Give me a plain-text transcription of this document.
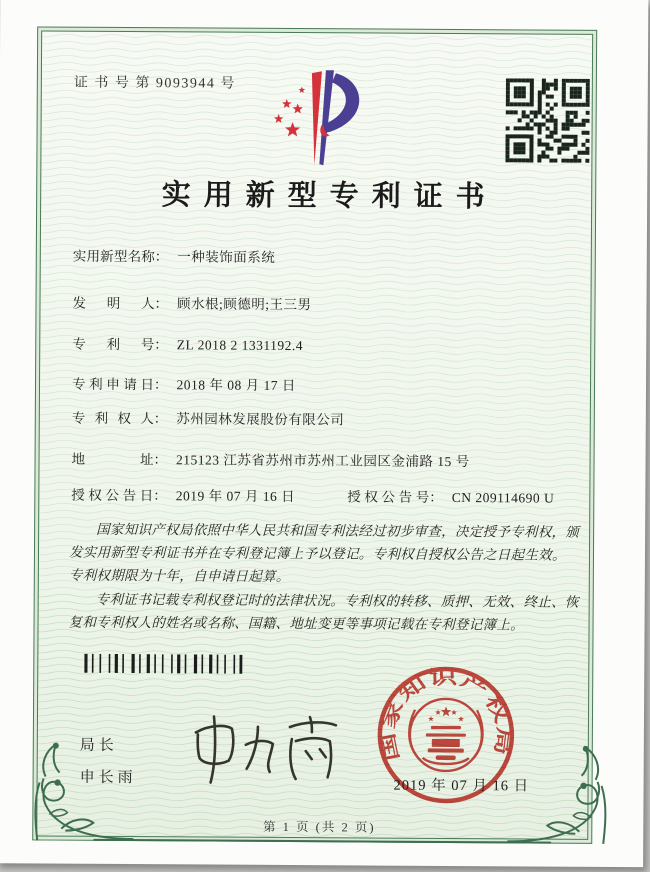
证 书 号 第 9093944 号
实用新型专利证书
实用新型名称： 一种装饰面系统
发明人： 顾水根;顾德明;王三男
专利号： ZL 2018 2 1331192.4
专利申请日： 2018 年 08 月 17 日
专利权人： 苏州园林发展股份有限公司
地址： 215123 江苏省苏州市苏州工业园区金浦路 15 号
授权公告日： 2019 年 07 月 16 日	授权公告号： CN 209114690 U

国家知识产权局依照中华人民共和国专利法经过初步审查，决定授予专利权，颁发实用新型专利证书并在专利登记簿上予以登记。专利权自授权公告之日起生效。专利权期限为十年，自申请日起算。

专利证书记载专利权登记时的法律状况。专利权的转移、质押、无效、终止、恢复和专利权人的姓名或名称、国籍、地址变更等事项记载在专利登记簿上。

局长
申长雨
国家知识产权局
2019 年 07 月 16 日
第 1 页 (共 2 页)
